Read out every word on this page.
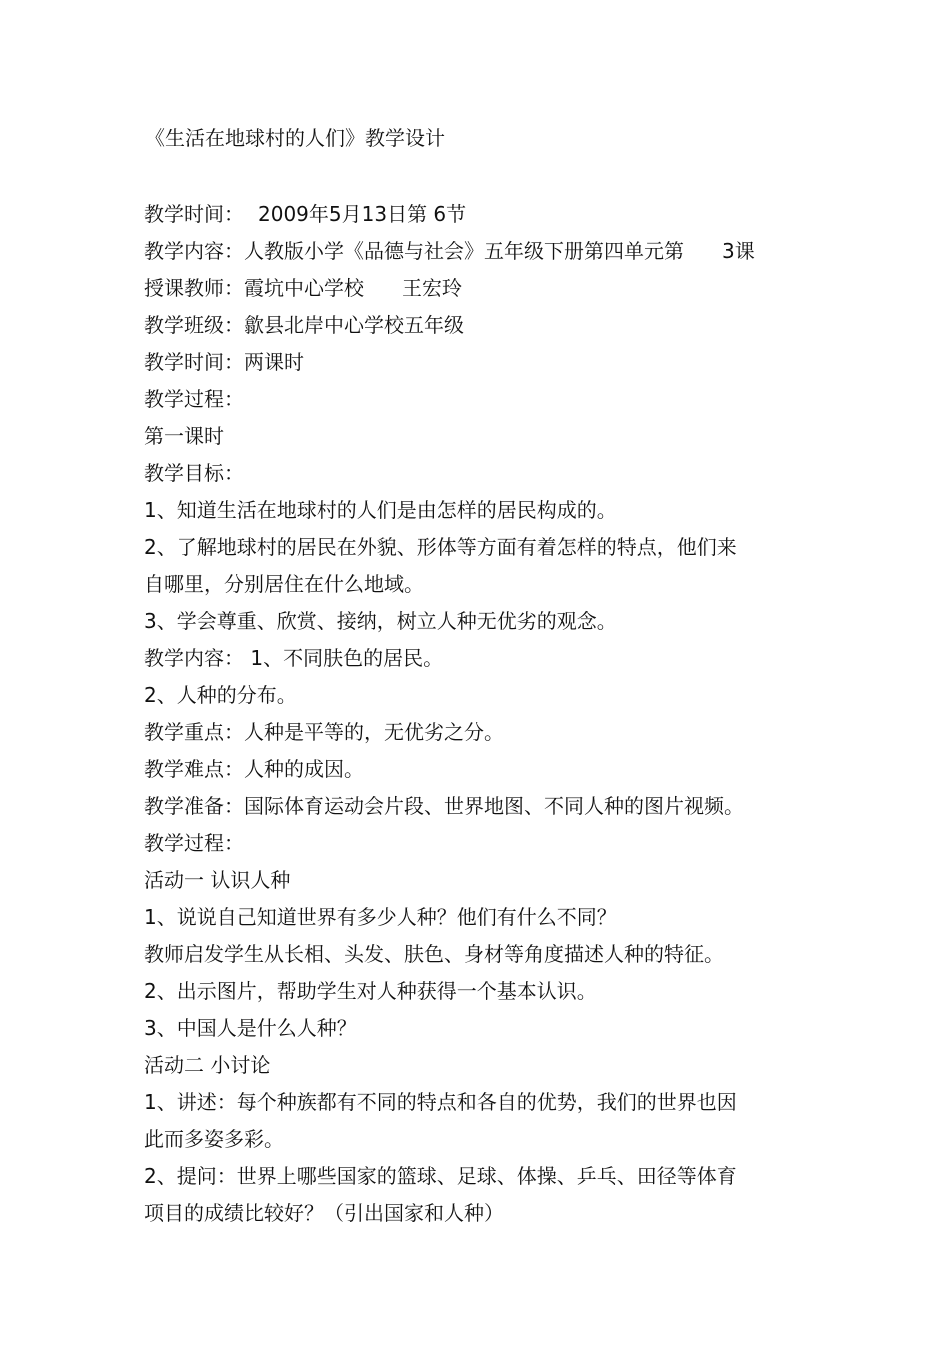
《生活在地球村的人们》教学设计
教学时间： 2009年5月13日第 6节
教学内容：人教版小学《品德与社会》五年级下册第四单元第 3课
授课教师：霞坑中心学校 王宏玲
教学班级：歙县北岸中心学校五年级
教学时间：两课时
教学过程：
第一课时
教学目标：
1、知道生活在地球村的人们是由怎样的居民构成的。
2、了解地球村的居民在外貌、形体等方面有着怎样的特点，他们来
自哪里，分别居住在什么地域。
3、学会尊重、欣赏、接纳，树立人种无优劣的观念。
教学内容： 1、不同肤色的居民。
2、人种的分布。
教学重点：人种是平等的，无优劣之分。
教学难点：人种的成因。
教学准备：国际体育运动会片段、世界地图、不同人种的图片视频。
教学过程：
活动一 认识人种
1、说说自己知道世界有多少人种？他们有什么不同？
教师启发学生从长相、头发、肤色、身材等角度描述人种的特征。
2、出示图片，帮助学生对人种获得一个基本认识。
3、中国人是什么人种？
活动二 小讨论
1、讲述：每个种族都有不同的特点和各自的优势，我们的世界也因
此而多姿多彩。
2、提问：世界上哪些国家的篮球、足球、体操、乒乓、田径等体育
项目的成绩比较好？（引出国家和人种）
